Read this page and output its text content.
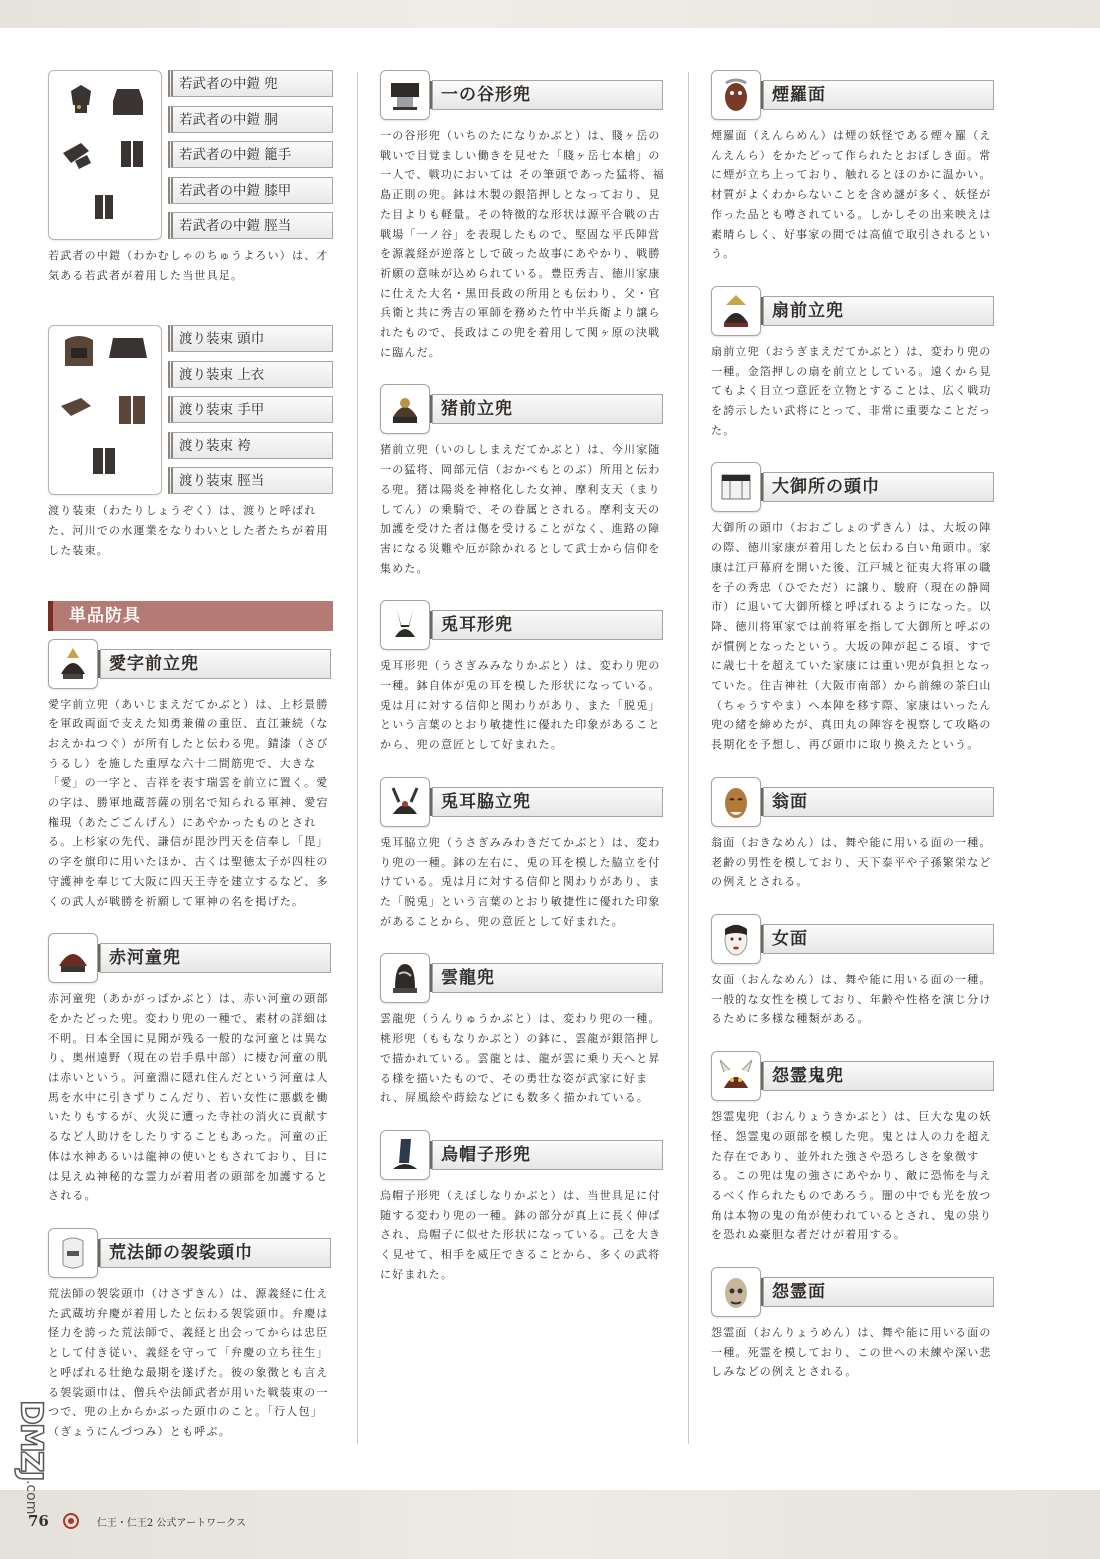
若武者の中鎧 兜
若武者の中鎧 胴
若武者の中鎧 籠手
若武者の中鎧 膝甲
若武者の中鎧 脛当

若武者の中鎧（わかむしゃのちゅうよろい）は、才気ある若武者が着用した当世具足。

渡り装束 頭巾
渡り装束 上衣
渡り装束 手甲
渡り装束 袴
渡り装束 脛当

渡り装束（わたりしょうぞく）は、渡りと呼ばれた、河川での水運業をなりわいとした者たちが着用した装束。

単品防具
愛字前立兜

愛字前立兜（あいじまえだてかぶと）は、上杉景勝を軍政両面で支えた知勇兼備の重臣、直江兼続（なおえかねつぐ）が所有したと伝わる兜。錆漆（さびうるし）を施した重厚な六十二間筋兜で、大きな「愛」の一字と、吉祥を表す瑞雲を前立に置く。愛の字は、勝軍地蔵菩薩の別名で知られる軍神、愛宕権現（あたごごんげん）にあやかったものとされる。上杉家の先代、謙信が毘沙門天を信奉し「毘」の字を旗印に用いたほか、古くは聖徳太子が四柱の守護神を奉じて大阪に四天王寺を建立するなど、多くの武人が戦勝を祈願して軍神の名を掲げた。

赤河童兜

赤河童兜（あかがっぱかぶと）は、赤い河童の頭部をかたどった兜。変わり兜の一種で、素材の詳細は不明。日本全国に見聞が残る一般的な河童とは異なり、奥州遠野（現在の岩手県中部）に棲む河童の肌は赤いという。河童淵に隠れ住んだという河童は人馬を水中に引きずりこんだり、若い女性に悪戯を働いたりもするが、火災に遭った寺社の消火に貢献するなど人助けをしたりすることもあった。河童の正体は水神あるいは龍神の使いともされており、目には見えぬ神秘的な霊力が着用者の頭部を加護するとされる。

荒法師の袈裟頭巾

荒法師の袈裟頭巾（けさずきん）は、源義経に仕えた武蔵坊弁慶が着用したと伝わる袈裟頭巾。弁慶は怪力を誇った荒法師で、義経と出会ってからは忠臣として付き従い、義経を守って「弁慶の立ち往生」と呼ばれる壮絶な最期を遂げた。彼の象徴とも言える袈裟頭巾は、僧兵や法師武者が用いた戦装束の一つで、兜の上からかぶった頭巾のこと。「行人包」（ぎょうにんづつみ）とも呼ぶ。

一の谷形兜

一の谷形兜（いちのたになりかぶと）は、賤ヶ岳の戦いで目覚ましい働きを見せた「賤ヶ岳七本槍」の一人で、戦功においては その筆頭であった猛将、福島正則の兜。鉢は木製の銀箔押しとなっており、見た目よりも軽量。その特徴的な形状は源平合戦の古戦場「一ノ谷」を表現したもので、堅固な平氏陣営を源義経が逆落としで破った故事にあやかり、戦勝祈願の意味が込められている。豊臣秀吉、徳川家康に仕えた大名・黒田長政の所用とも伝わり、父・官兵衛と共に秀吉の軍師を務めた竹中半兵衛より譲られたもので、長政はこの兜を着用して関ヶ原の決戦に臨んだ。

猪前立兜

猪前立兜（いのししまえだてかぶと）は、今川家随一の猛将、岡部元信（おかべもとのぶ）所用と伝わる兜。猪は陽炎を神格化した女神、摩利支天（まりしてん）の乗騎で、その眷属とされる。摩利支天の加護を受けた者は傷を受けることがなく、進路の障害になる災難や厄が除かれるとして武士から信仰を集めた。

兎耳形兜

兎耳形兜（うさぎみみなりかぶと）は、変わり兜の一種。鉢自体が兎の耳を模した形状になっている。兎は月に対する信仰と関わりがあり、また「脱兎」という言葉のとおり敏捷性に優れた印象があることから、兜の意匠として好まれた。

兎耳脇立兜

兎耳脇立兜（うさぎみみわきだてかぶと）は、変わり兜の一種。鉢の左右に、兎の耳を模した脇立を付けている。兎は月に対する信仰と関わりがあり、また「脱兎」という言葉のとおり敏捷性に優れた印象があることから、兜の意匠として好まれた。

雲龍兜

雲龍兜（うんりゅうかぶと）は、変わり兜の一種。桃形兜（ももなりかぶと）の鉢に、雲龍が銀箔押しで描かれている。雲龍とは、龍が雲に乗り天へと昇る様を描いたもので、その勇壮な姿が武家に好まれ、屏風絵や蒔絵などにも数多く描かれている。

烏帽子形兜

烏帽子形兜（えぼしなりかぶと）は、当世具足に付随する変わり兜の一種。鉢の部分が真上に長く伸ばされ、烏帽子に似せた形状になっている。己を大きく見せて、相手を威圧できることから、多くの武将に好まれた。

煙羅面

煙羅面（えんらめん）は煙の妖怪である煙々羅（えんえんら）をかたどって作られたとおぼしき面。常に煙が立ち上っており、触れるとほのかに温かい。材質がよくわからないことを含め謎が多く、妖怪が作った品とも噂されている。しかしその出来映えは素晴らしく、好事家の間では高値で取引されるという。

扇前立兜

扇前立兜（おうぎまえだてかぶと）は、変わり兜の一種。金箔押しの扇を前立としている。遠くから見てもよく目立つ意匠を立物とすることは、広く戦功を誇示したい武将にとって、非常に重要なことだった。

大御所の頭巾

大御所の頭巾（おおごしょのずきん）は、大坂の陣の際、徳川家康が着用したと伝わる白い角頭巾。家康は江戸幕府を開いた後、江戸城と征夷大将軍の職を子の秀忠（ひでただ）に譲り、駿府（現在の静岡市）に退いて大御所様と呼ばれるようになった。以降、徳川将軍家では前将軍を指して大御所と呼ぶのが慣例となったという。大坂の陣が起こる頃、すでに歳七十を超えていた家康には重い兜が負担となっていた。住吉神社（大阪市南部）から前線の茶臼山（ちゃうすやま）へ本陣を移す際、家康はいったん兜の緒を締めたが、真田丸の陣容を視察して攻略の長期化を予想し、再び頭巾に取り換えたという。

翁面

翁面（おきなめん）は、舞や能に用いる面の一種。老齢の男性を模しており、天下泰平や子孫繁栄などの例えとされる。

女面

女面（おんなめん）は、舞や能に用いる面の一種。一般的な女性を模しており、年齢や性格を演じ分けるために多様な種類がある。

怨霊鬼兜

怨霊鬼兜（おんりょうきかぶと）は、巨大な鬼の妖怪、怨霊鬼の頭部を模した兜。鬼とは人の力を超えた存在であり、並外れた強さや恐ろしさを象徴する。この兜は鬼の強さにあやかり、敵に恐怖を与えるべく作られたものであろう。闇の中でも光を放つ角は本物の鬼の角が使われているとされ、鬼の祟りを恐れぬ豪胆な者だけが着用する。

怨霊面

怨霊面（おんりょうめん）は、舞や能に用いる面の一種。死霊を模しており、この世への未練や深い悲しみなどの例えとされる。

76	仁王・仁王2 公式アートワークス
DMZJ
.com
